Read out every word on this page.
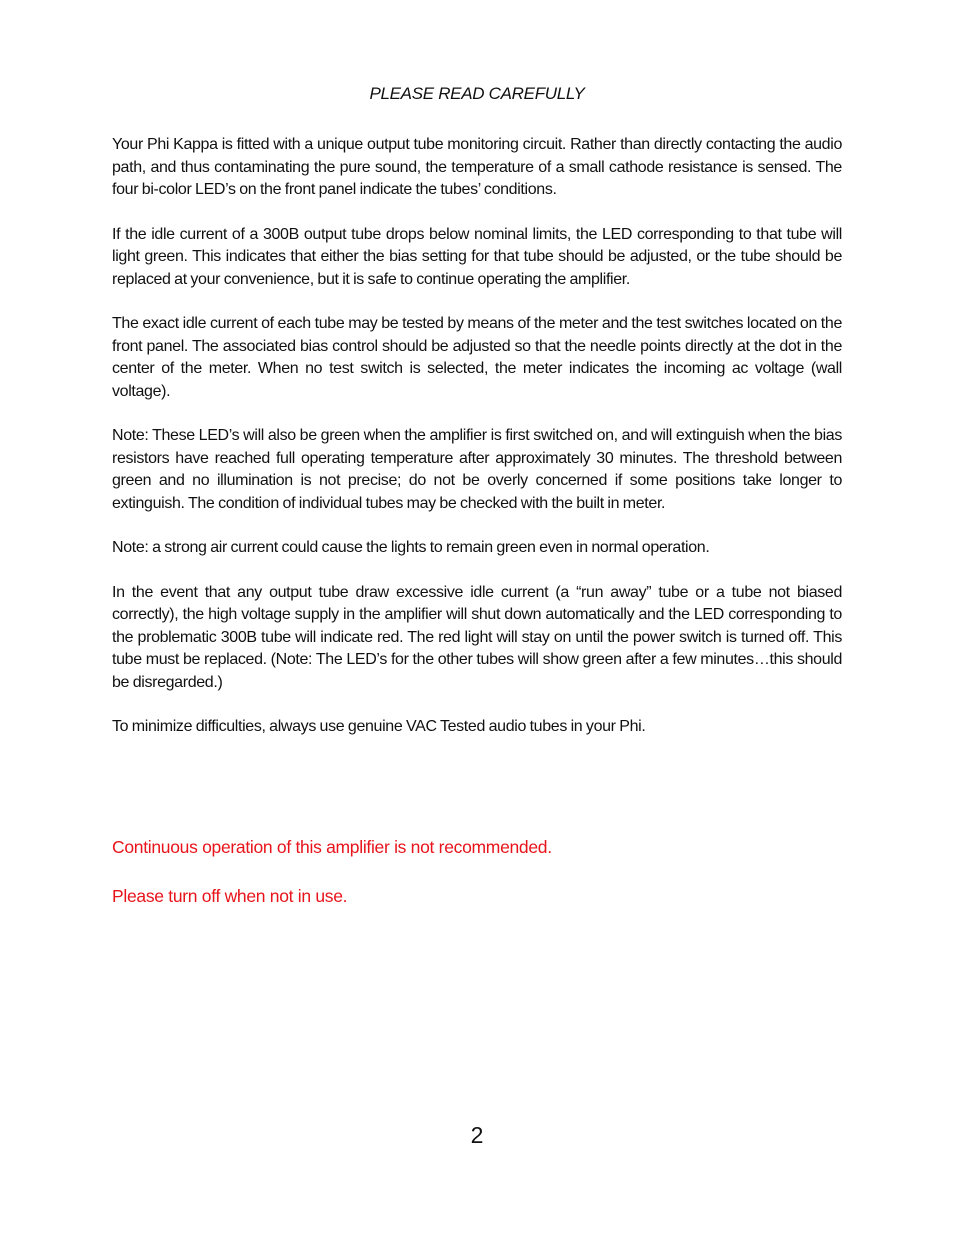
PLEASE READ CAREFULLY

Your Phi Kappa is fitted with a unique output tube monitoring circuit. Rather than directly contacting the audio path, and thus contaminating the pure sound, the temperature of a small cathode resistance is sensed. The four bi-color LED’s on the front panel indicate the tubes’ conditions.

If the idle current of a 300B output tube drops below nominal limits, the LED corresponding to that tube will light green. This indicates that either the bias setting for that tube should be adjusted, or the tube should be replaced at your convenience, but it is safe to continue operating the amplifier.

The exact idle current of each tube may be tested by means of the meter and the test switches located on the front panel. The associated bias control should be adjusted so that the needle points directly at the dot in the center of the meter. When no test switch is selected, the meter indicates the incoming ac voltage (wall voltage).

Note: These LED’s will also be green when the amplifier is first switched on, and will extinguish when the bias resistors have reached full operating temperature after approximately 30 minutes. The threshold between green and no illumination is not precise; do not be overly concerned if some positions take longer to extinguish. The condition of individual tubes may be checked with the built in meter.

Note: a strong air current could cause the lights to remain green even in normal operation.

In the event that any output tube draw excessive idle current (a “run away” tube or a tube not biased correctly), the high voltage supply in the amplifier will shut down automatically and the LED corresponding to the problematic 300B tube will indicate red. The red light will stay on until the power switch is turned off. This tube must be replaced. (Note: The LED’s for the other tubes will show green after a few minutes…this should be disregarded.)

To minimize difficulties, always use genuine VAC Tested audio tubes in your Phi.

Continuous operation of this amplifier is not recommended.

Please turn off when not in use.

2
